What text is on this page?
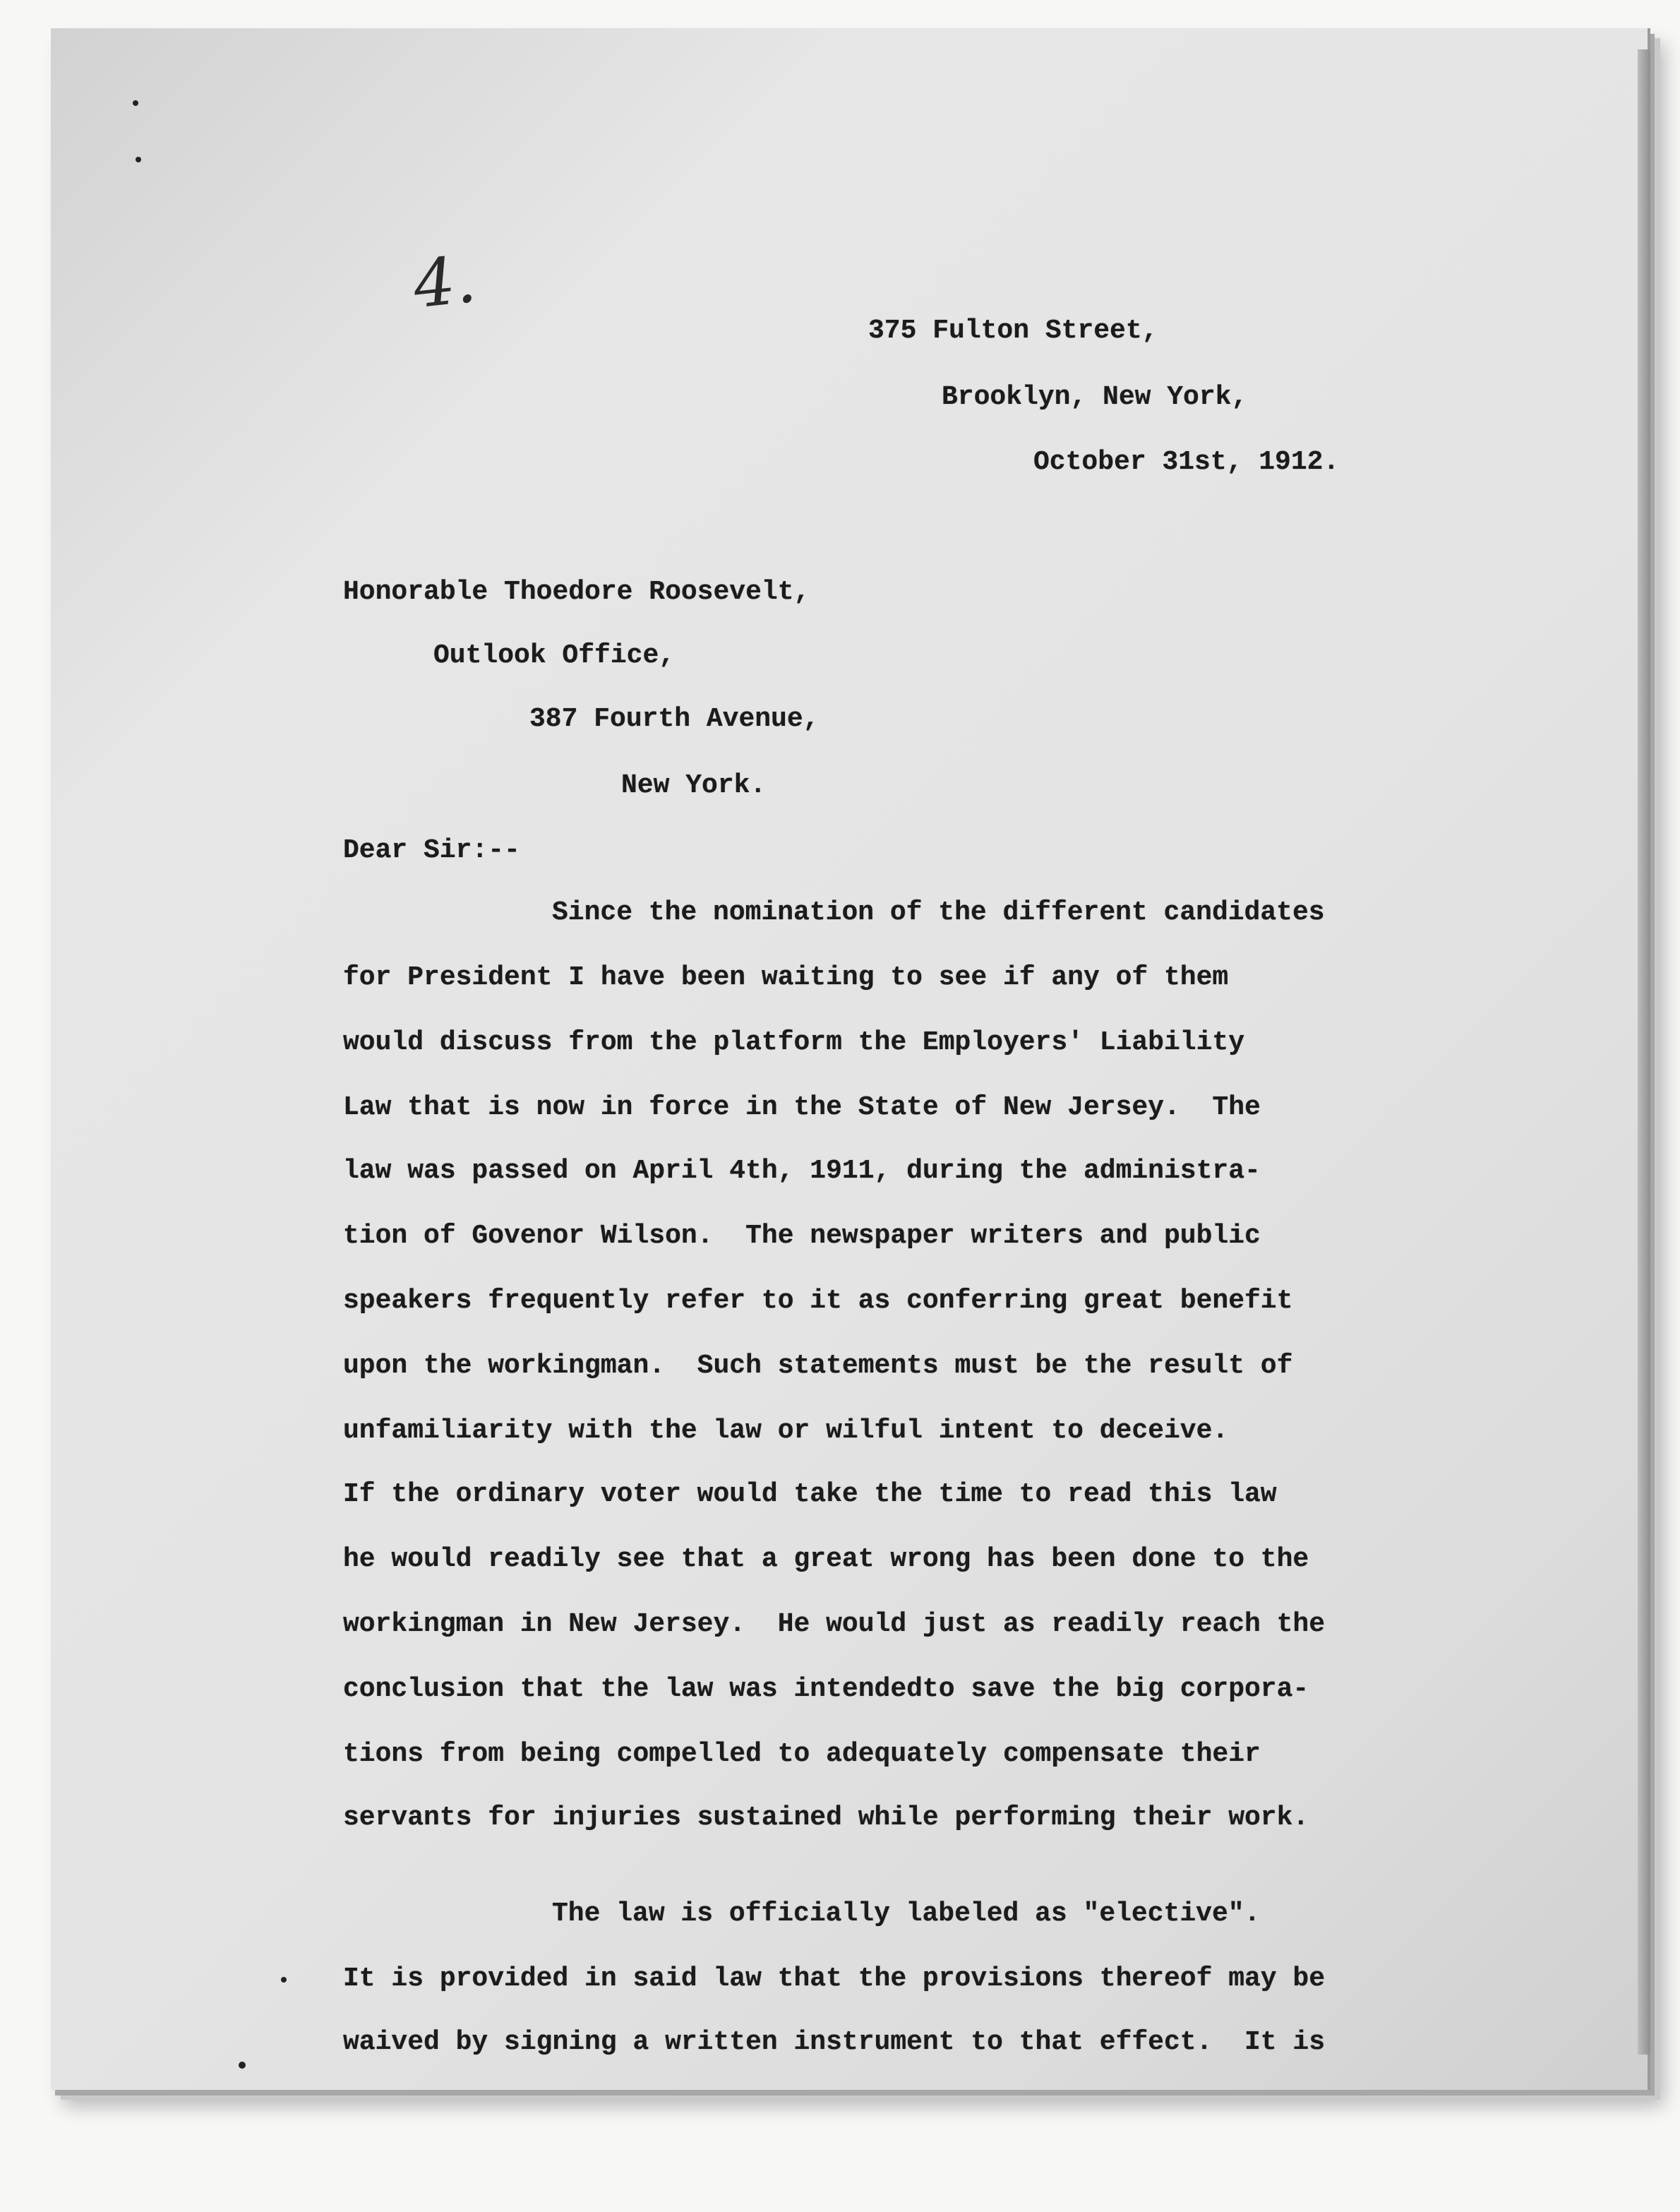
4.

375 Fulton Street,

Brooklyn, New York,

October 31st, 1912.

Honorable Thoedore Roosevelt,

Outlook Office,

387 Fourth Avenue,

New York.

Dear Sir:--

Since the nomination of the different candidates

for President I have been waiting to see if any of them

would discuss from the platform the Employers' Liability

Law that is now in force in the State of New Jersey.  The

law was passed on April 4th, 1911, during the administra-

tion of Govenor Wilson.  The newspaper writers and public

speakers frequently refer to it as conferring great benefit

upon the workingman.  Such statements must be the result of

unfamiliarity with the law or wilful intent to deceive.

If the ordinary voter would take the time to read this law

he would readily see that a great wrong has been done to the

workingman in New Jersey.  He would just as readily reach the

conclusion that the law was intendedto save the big corpora-

tions from being compelled to adequately compensate their

servants for injuries sustained while performing their work.

The law is officially labeled as "elective".

It is provided in said law that the provisions thereof may be

waived by signing a written instrument to that effect.  It is
